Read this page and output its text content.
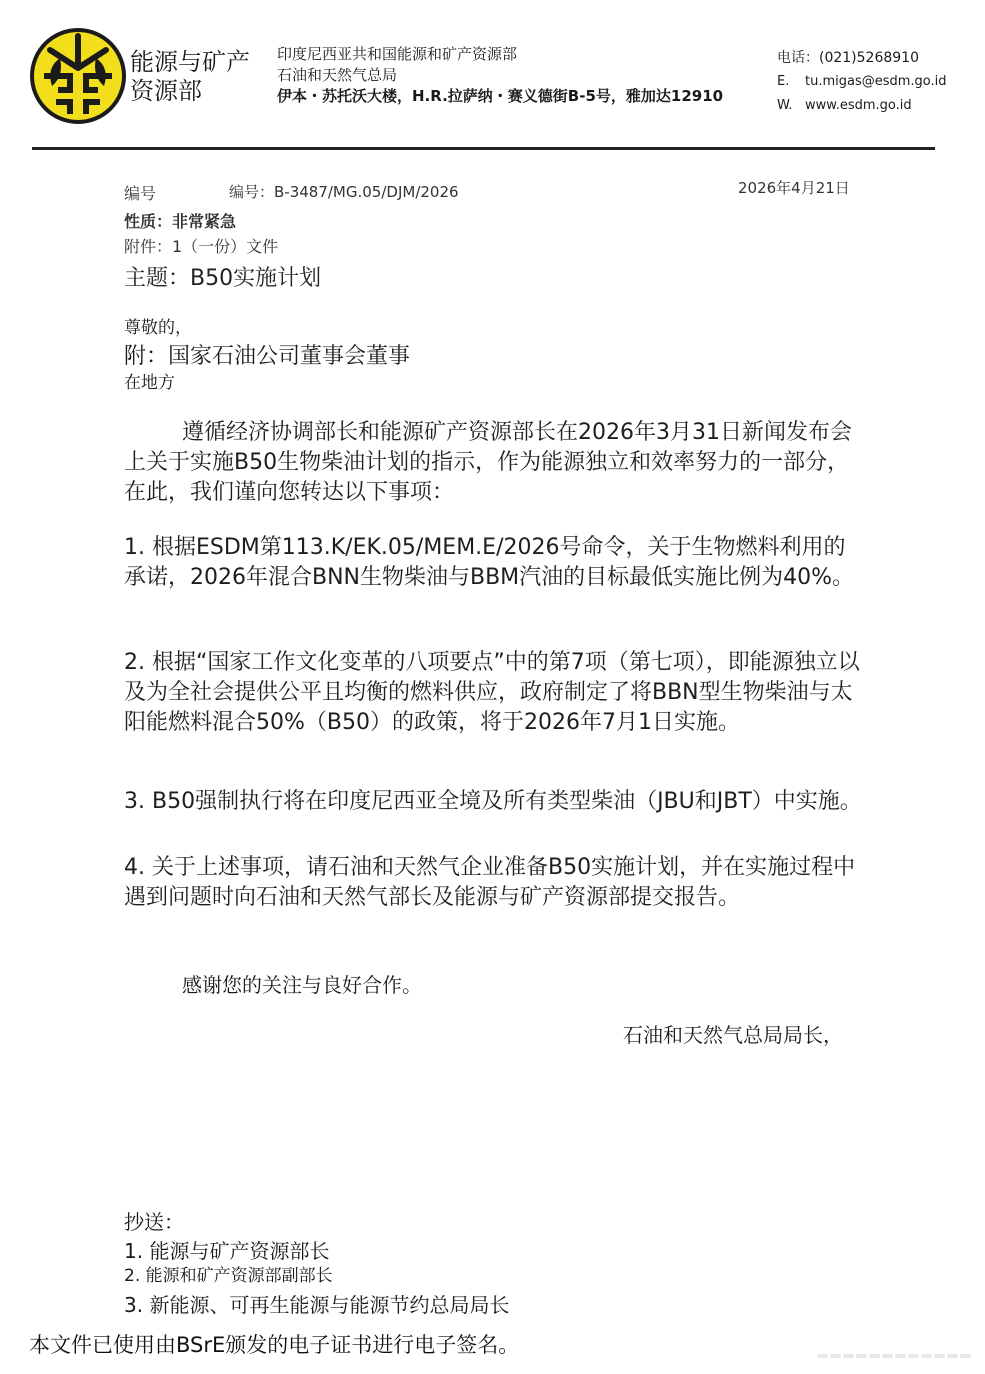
能源与矿产
资源部
印度尼西亚共和国能源和矿产资源部
石油和天然气总局
伊本・苏托沃大楼，H.R.拉萨纳・赛义德街B-5号，雅加达12910
电话：(021)5268910
E. tu.migas@esdm.go.id
W. www.esdm.go.id
编号	编号：B-3487/MG.05/DJM/2026	2026年4月21日
性质：非常紧急
附件：1（一份）文件
主题：B50实施计划
尊敬的，
附：国家石油公司董事会董事
在地方
遵循经济协调部长和能源矿产资源部长在2026年3月31日新闻发布会上关于实施B50生物柴油计划的指示，作为能源独立和效率努力的一部分，在此，我们谨向您转达以下事项：
1. 根据ESDM第113.K/EK.05/MEM.E/2026号命令，关于生物燃料利用的承诺，2026年混合BNN生物柴油与BBM汽油的目标最低实施比例为40%。
2. 根据“国家工作文化变革的八项要点”中的第7项（第七项），即能源独立以及为全社会提供公平且均衡的燃料供应，政府制定了将BBN型生物柴油与太阳能燃料混合50%（B50）的政策，将于2026年7月1日实施。
3. B50强制执行将在印度尼西亚全境及所有类型柴油（JBU和JBT）中实施。
4. 关于上述事项，请石油和天然气企业准备B50实施计划，并在实施过程中遇到问题时向石油和天然气部长及能源与矿产资源部提交报告。
感谢您的关注与良好合作。
石油和天然气总局局长，
抄送：
1. 能源与矿产资源部长
2. 能源和矿产资源部副部长
3. 新能源、可再生能源与能源节约总局局长
本文件已使用由BSrE颁发的电子证书进行电子签名。
